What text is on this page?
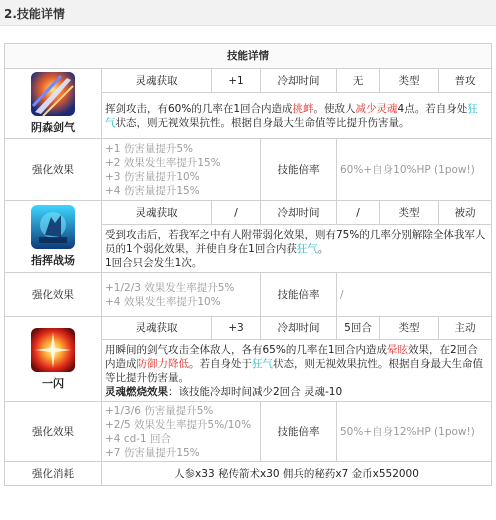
2.技能详情
技能详情						

阴森剑气	灵魂获取	+1	冷却时间	无	类型	普攻
	挥剑攻击，有60%的几率在1回合内造成挑衅。使敌人减少灵魂4点。若自身处狂气状态，则无视效果抗性。根据自身最大生命值等比提升伤害量。					
强化效果	+1 伤害量提升5%
+2 效果发生率提升15%
+3 伤害量提升10%
+4 伤害量提升15%		技能倍率	60%+自身10%HP (1pow!)		

指挥战场	灵魂获取	/	冷却时间	/	类型	被动
	受到攻击后，若我军之中有人附带弱化效果，则有75%的几率分别解除全体我军人员的1个弱化效果，并使自身在1回合内获狂气。
1回合只会发生1次。					
强化效果	+1/2/3 效果发生率提升5%
+4 效果发生率提升10%		技能倍率	/		

一闪	灵魂获取	+3	冷却时间	5回合	类型	主动
	用瞬间的剑气攻击全体敌人，各有65%的几率在1回合内造成晕眩效果，在2回合内造成防御力降低。若自身处于狂气状态，则无视效果抗性。根据自身最大生命值等比提升伤害量。
灵魂燃烧效果：该技能冷却时间减少2回合 灵魂-10					
强化效果	+1/3/6 伤害量提升5%
+2/5 效果发生率提升5%/10%
+4 cd-1 回合
+7 伤害量提升15%		技能倍率	50%+自身12%HP (1pow!)		
强化消耗	人参x33 秘传箭术x30 佣兵的秘药x7 金币x552000					
